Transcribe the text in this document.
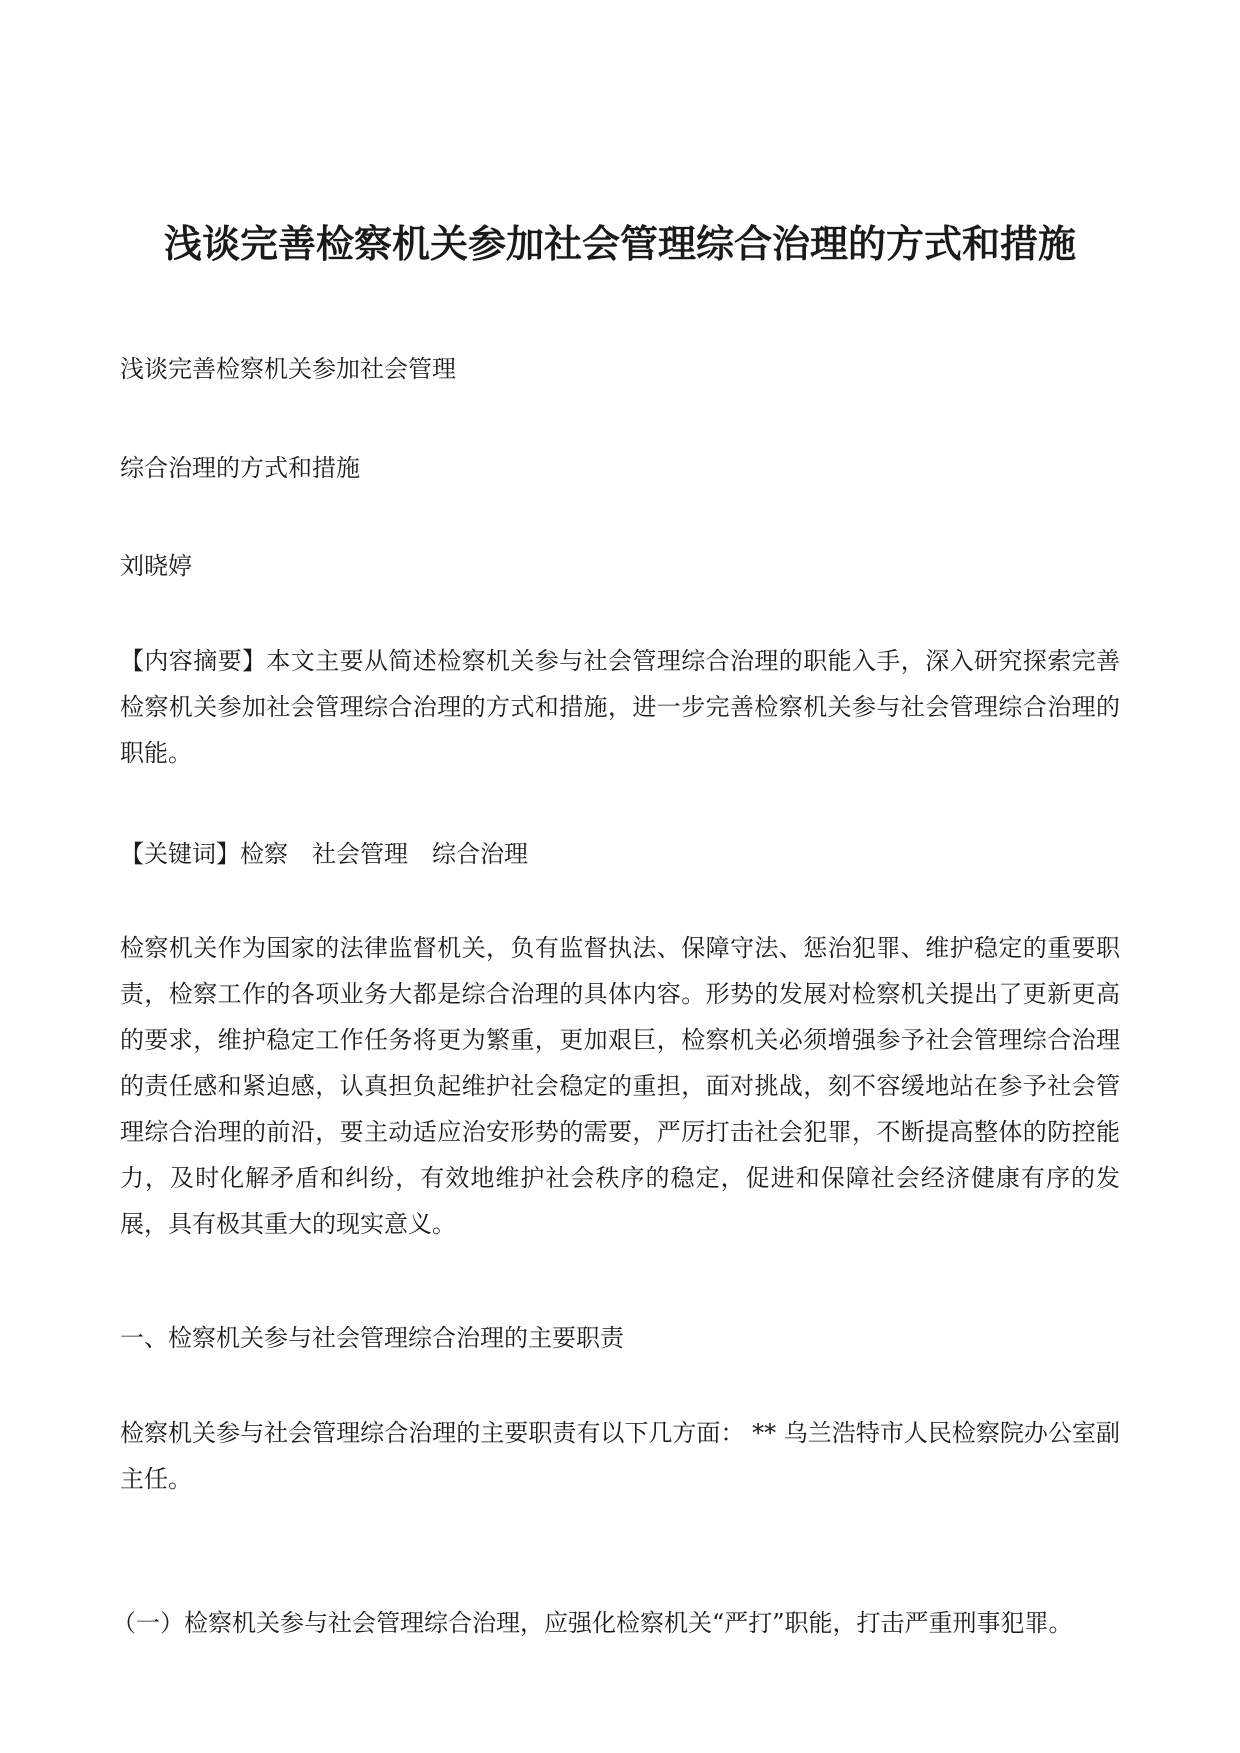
浅谈完善检察机关参加社会管理综合治理的方式和措施
浅谈完善检察机关参加社会管理
综合治理的方式和措施
刘晓婷
【内容摘要】本文主要从简述检察机关参与社会管理综合治理的职能入手，深入研究探索完善检察机关参加社会管理综合治理的方式和措施，进一步完善检察机关参与社会管理综合治理的职能。
【关键词】检察 社会管理 综合治理
检察机关作为国家的法律监督机关，负有监督执法、保障守法、惩治犯罪、维护稳定的重要职责，检察工作的各项业务大都是综合治理的具体内容。形势的发展对检察机关提出了更新更高的要求，维护稳定工作任务将更为繁重，更加艰巨，检察机关必须增强参予社会管理综合治理的责任感和紧迫感，认真担负起维护社会稳定的重担，面对挑战，刻不容缓地站在参予社会管理综合治理的前沿，要主动适应治安形势的需要，严厉打击社会犯罪，不断提高整体的防控能力，及时化解矛盾和纠纷，有效地维护社会秩序的稳定，促进和保障社会经济健康有序的发展，具有极其重大的现实意义。
一、检察机关参与社会管理综合治理的主要职责
检察机关参与社会管理综合治理的主要职责有以下几方面： ** 乌兰浩特市人民检察院办公室副主任。
（一）检察机关参与社会管理综合治理，应强化检察机关“严打”职能，打击严重刑事犯罪。
